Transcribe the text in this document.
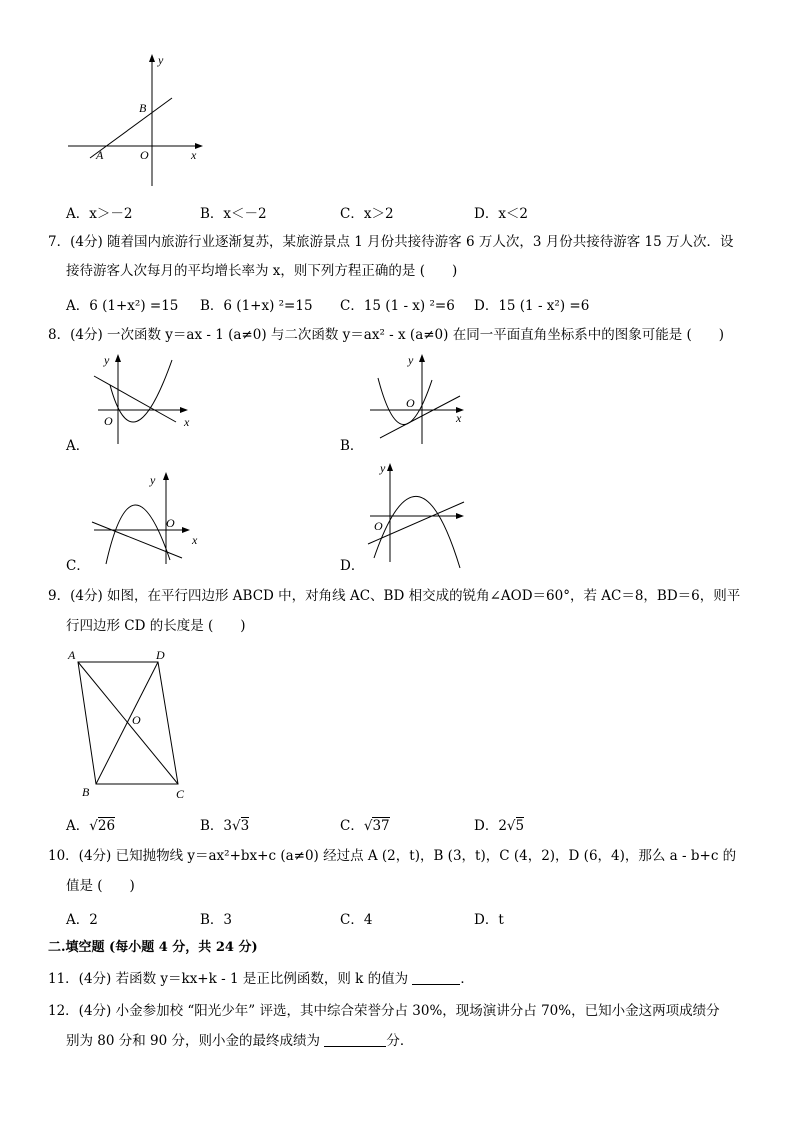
y
B
A	O	x
A．x＞－2	B．x＜－2	C．x＞2	D．x＜2
7．(4分) 随着国内旅游行业逐渐复苏，某旅游景点 1 月份共接待游客 6 万人次，3 月份共接待游客 15 万人次．设
接待游客人次每月的平均增长率为 x，则下列方程正确的是 (　　)
A．6 (1+x²) =15 B．6 (1+x) ²=15 C．15 (1 - x) ²=6 D．15 (1 - x²) =6
8．(4分) 一次函数 y＝ax - 1 (a≠0) 与二次函数 y＝ax² - x (a≠0) 在同一平面直角坐标系中的图象可能是 (　　)
y
O	x
A．
y
O
x
B．
y
O
x
C．
y
O
D．
9．(4分) 如图，在平行四边形 ABCD 中，对角线 AC、BD 相交成的锐角∠AOD＝60°，若 AC＝8，BD＝6，则平
行四边形 CD 的长度是 (　　)
A	D
O
B	C
A．√26	B．3√3	C．√37	D．2√5
10．(4分) 已知抛物线 y＝ax²+bx+c (a≠0) 经过点 A (2，t)，B (3，t)，C (4，2)，D (6，4)，那么 a - b+c 的
值是 (　　)
A．2	B．3	C．4	D．t
二.填空题 (每小题 4 分，共 24 分)
11．(4分) 若函数 y＝kx+k - 1 是正比例函数，则 k 的值为	．
12．(4分) 小金参加校 “阳光少年” 评选，其中综合荣誉分占 30%，现场演讲分占 70%，已知小金这两项成绩分
别为 80 分和 90 分，则小金的最终成绩为	分．
